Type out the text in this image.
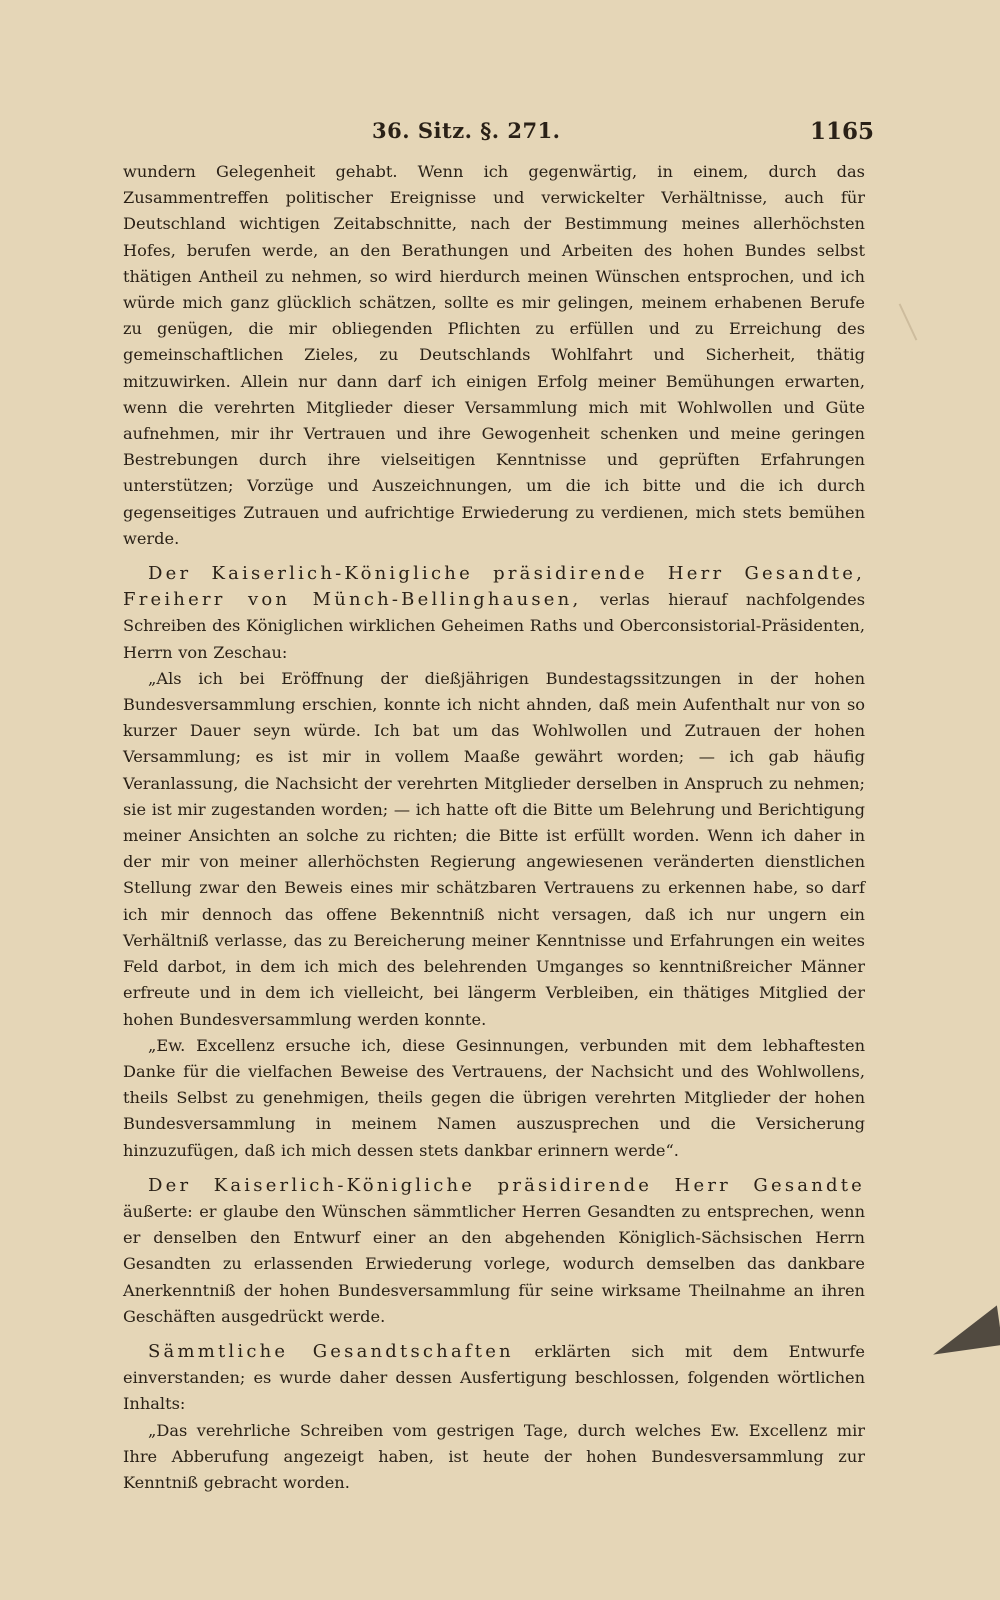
36. Sitz. §. 271.	1165

wundern Gelegenheit gehabt. Wenn ich gegenwärtig, in einem, durch das Zusammentreffen politischer Ereignisse und verwickelter Verhältnisse, auch für Deutschland wichtigen Zeitabschnitte, nach der Bestimmung meines allerhöchsten Hofes, berufen werde, an den Berathungen und Arbeiten des hohen Bundes selbst thätigen Antheil zu nehmen, so wird hierdurch meinen Wünschen entsprochen, und ich würde mich ganz glücklich schätzen, sollte es mir gelingen, meinem erhabenen Berufe zu genügen, die mir obliegenden Pflichten zu erfüllen und zu Erreichung des gemeinschaftlichen Zieles, zu Deutschlands Wohlfahrt und Sicherheit, thätig mitzuwirken. Allein nur dann darf ich einigen Erfolg meiner Bemühungen erwarten, wenn die verehrten Mitglieder dieser Versammlung mich mit Wohlwollen und Güte aufnehmen, mir ihr Vertrauen und ihre Gewogenheit schenken und meine geringen Bestrebungen durch ihre vielseitigen Kenntnisse und geprüften Erfahrungen unterstützen; Vorzüge und Auszeichnungen, um die ich bitte und die ich durch gegenseitiges Zutrauen und aufrichtige Erwiederung zu verdienen, mich stets bemühen werde.

Der Kaiserlich-Königliche präsidirende Herr Gesandte, Freiherr von Münch-Bellinghausen, verlas hierauf nachfolgendes Schreiben des Königlichen wirklichen Geheimen Raths und Oberconsistorial-Präsidenten, Herrn von Zeschau:

„Als ich bei Eröffnung der dießjährigen Bundestagssitzungen in der hohen Bundesversammlung erschien, konnte ich nicht ahnden, daß mein Aufenthalt nur von so kurzer Dauer seyn würde. Ich bat um das Wohlwollen und Zutrauen der hohen Versammlung; es ist mir in vollem Maaße gewährt worden; — ich gab häufig Veranlassung, die Nachsicht der verehrten Mitglieder derselben in Anspruch zu nehmen; sie ist mir zugestanden worden; — ich hatte oft die Bitte um Belehrung und Berichtigung meiner Ansichten an solche zu richten; die Bitte ist erfüllt worden. Wenn ich daher in der mir von meiner allerhöchsten Regierung angewiesenen veränderten dienstlichen Stellung zwar den Beweis eines mir schätzbaren Vertrauens zu erkennen habe, so darf ich mir dennoch das offene Bekenntniß nicht versagen, daß ich nur ungern ein Verhältniß verlasse, das zu Bereicherung meiner Kenntnisse und Erfahrungen ein weites Feld darbot, in dem ich mich des belehrenden Umganges so kenntnißreicher Männer erfreute und in dem ich vielleicht, bei längerm Verbleiben, ein thätiges Mitglied der hohen Bundesversammlung werden konnte.

„Ew. Excellenz ersuche ich, diese Gesinnungen, verbunden mit dem lebhaftesten Danke für die vielfachen Beweise des Vertrauens, der Nachsicht und des Wohlwollens, theils Selbst zu genehmigen, theils gegen die übrigen verehrten Mitglieder der hohen Bundesversammlung in meinem Namen auszusprechen und die Versicherung hinzuzufügen, daß ich mich dessen stets dankbar erinnern werde“.

Der Kaiserlich-Königliche präsidirende Herr Gesandte äußerte: er glaube den Wünschen sämmtlicher Herren Gesandten zu entsprechen, wenn er denselben den Entwurf einer an den abgehenden Königlich-Sächsischen Herrn Gesandten zu erlassenden Erwiederung vorlege, wodurch demselben das dankbare Anerkenntniß der hohen Bundesversammlung für seine wirksame Theilnahme an ihren Geschäften ausgedrückt werde.

Sämmtliche Gesandtschaften erklärten sich mit dem Entwurfe einverstanden; es wurde daher dessen Ausfertigung beschlossen, folgenden wörtlichen Inhalts:

„Das verehrliche Schreiben vom gestrigen Tage, durch welches Ew. Excellenz mir Ihre Abberufung angezeigt haben, ist heute der hohen Bundesversammlung zur Kenntniß gebracht worden.
